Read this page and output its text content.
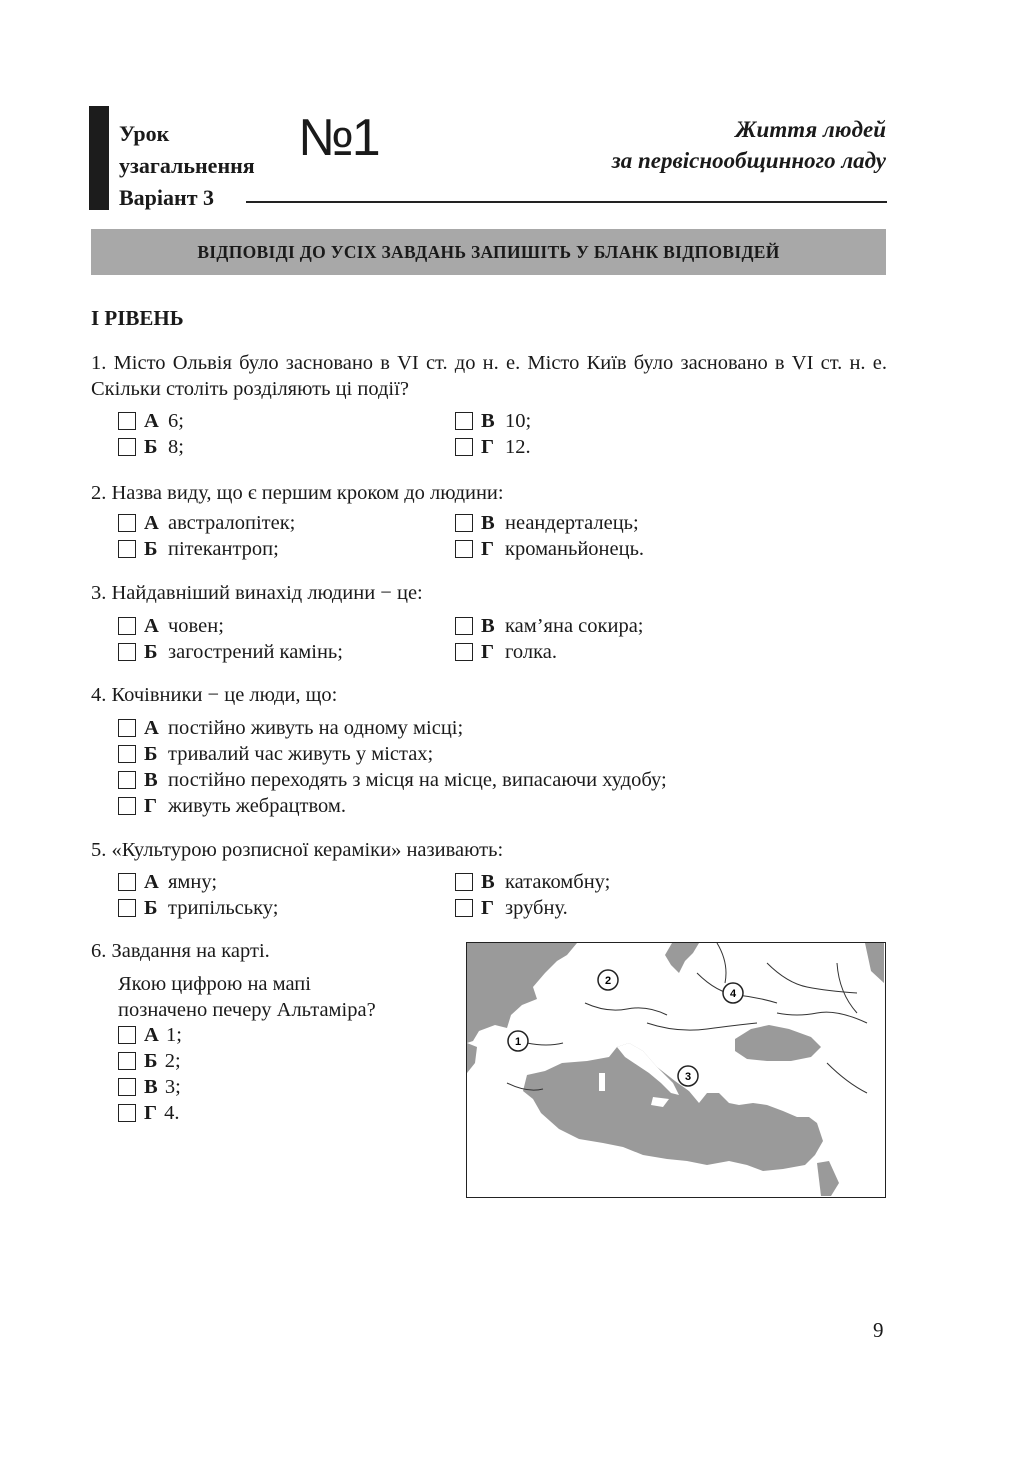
Урок
узагальнення
Варіант 3
№1	Життя людей
за первіснообщинного ладу
ВІДПОВІДІ ДО УСІХ ЗАВДАНЬ ЗАПИШІТЬ У БЛАНК ВІДПОВІДЕЙ
І РІВЕНЬ
1. Місто Ольвія було засновано в VI ст. до н. е. Місто Київ було засновано в VI ст. н. е. Скільки століть розділяють ці події?
А 6;
Б 8;
В 10;
Г 12.
2. Назва виду, що є першим кроком до людини:
А австралопітек;
Б пітекантроп;
В неандерталець;
Г кроманьйонець.
3. Найдавніший винахід людини − це:
А човен;
Б загострений камінь;
В кам’яна сокира;
Г голка.
4. Кочівники − це люди, що:
А постійно живуть на одному місці;
Б тривалий час живуть у містах;
В постійно переходять з місця на місце, випасаючи худобу;
Г живуть жебрацтвом.
5. «Культурою розписної кераміки» називають:
А ямну;
Б трипільську;
В катакомбну;
Г зрубну.
6. Завдання на карті.
Якою цифрою на мапі
позначено печеру Альтаміра?
А 1;
Б 2;
В 3;
Г 4.
1
2
3
4
9
